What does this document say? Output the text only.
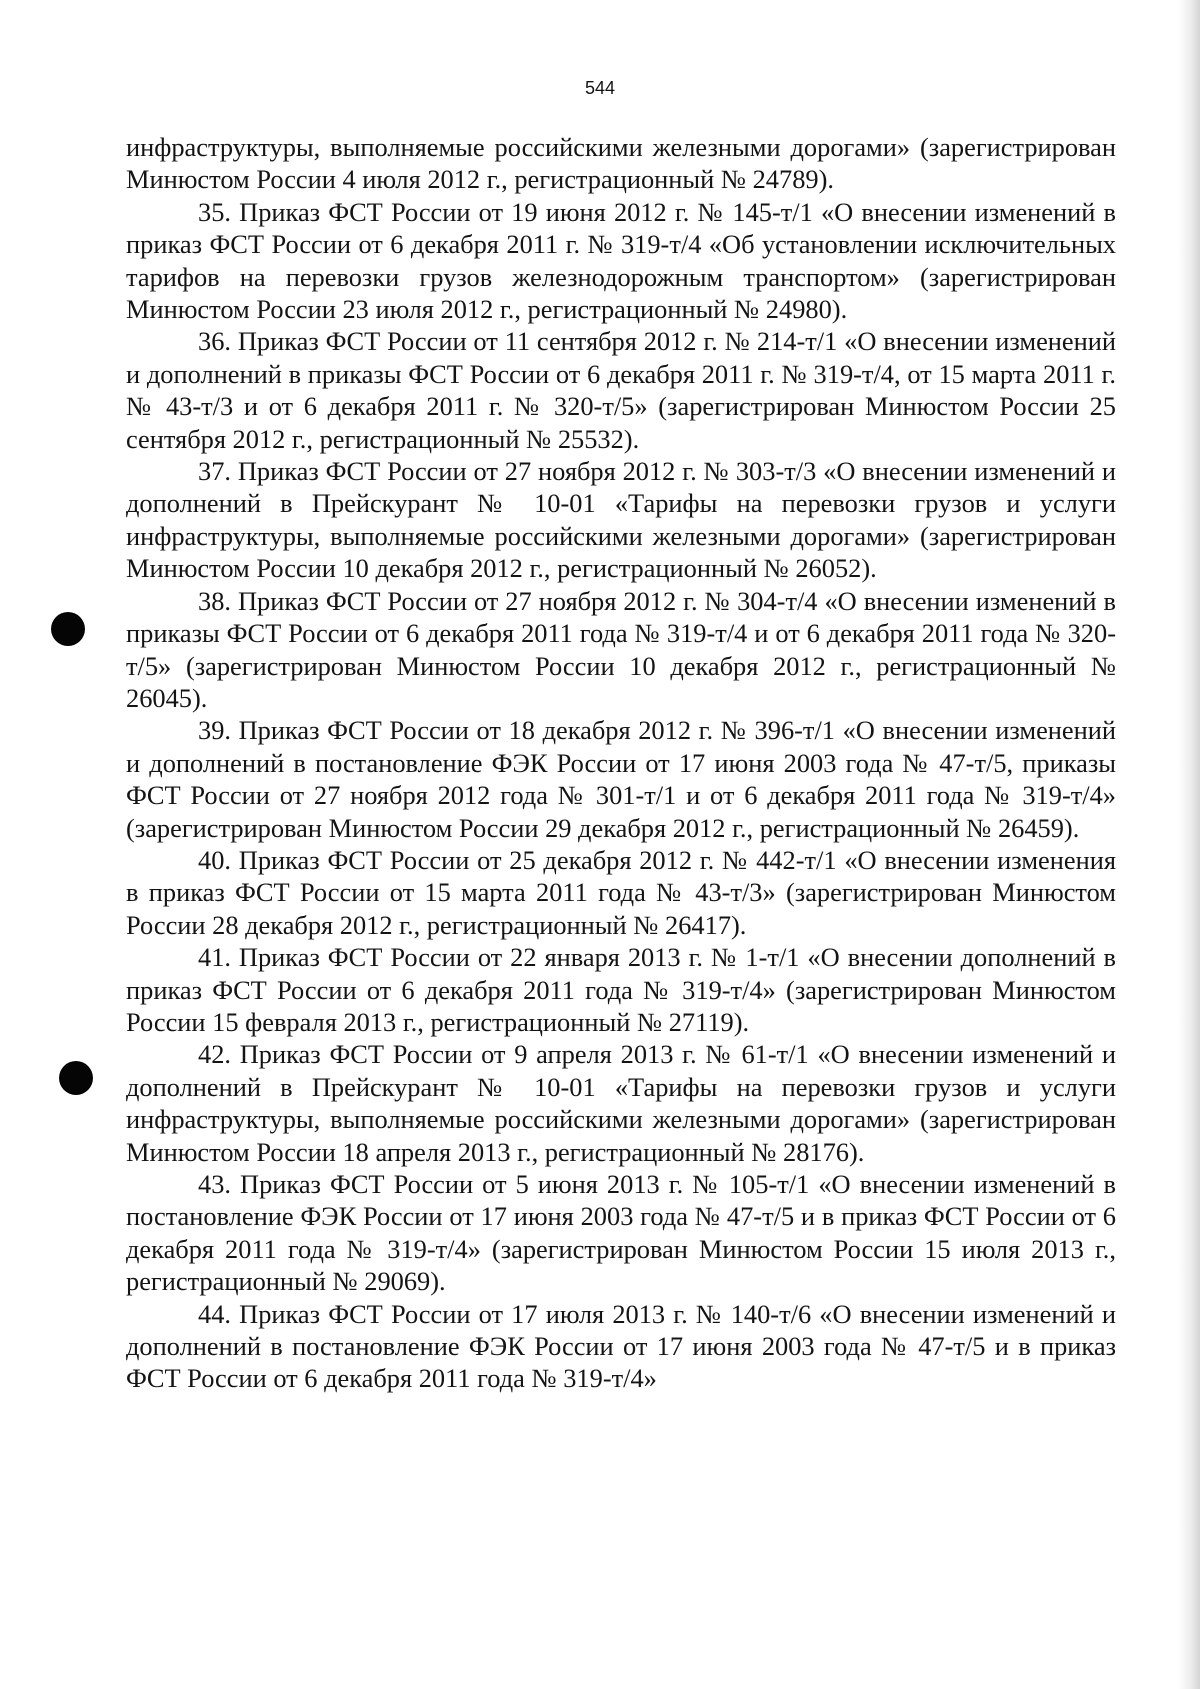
544

инфраструктуры, выполняемые российскими железными дорогами» (зарегистрирован Минюстом России 4 июля 2012 г., регистрационный № 24789).

35. Приказ ФСТ России от 19 июня 2012 г. № 145-т/1 «О внесении изменений в приказ ФСТ России от 6 декабря 2011 г. № 319-т/4 «Об установлении исключительных тарифов на перевозки грузов железнодорожным транспортом» (зарегистрирован Минюстом России 23 июля 2012 г., регистрационный № 24980).

36. Приказ ФСТ России от 11 сентября 2012 г. № 214-т/1 «О внесении изменений и дополнений в приказы ФСТ России от 6 декабря 2011 г. № 319-т/4, от 15 марта 2011 г. № 43-т/3 и от 6 декабря 2011 г. № 320-т/5» (зарегистрирован Минюстом России 25 сентября 2012 г., регистрационный № 25532).

37. Приказ ФСТ России от 27 ноября 2012 г. № 303-т/3 «О внесении изменений и дополнений в Прейскурант № 10-01 «Тарифы на перевозки грузов и услуги инфраструктуры, выполняемые российскими железными дорогами» (зарегистрирован Минюстом России 10 декабря 2012 г., регистрационный № 26052).

38. Приказ ФСТ России от 27 ноября 2012 г. № 304-т/4 «О внесении изменений в приказы ФСТ России от 6 декабря 2011 года № 319-т/4 и от 6 декабря 2011 года № 320-т/5» (зарегистрирован Минюстом России 10 декабря 2012 г., регистрационный № 26045).

39. Приказ ФСТ России от 18 декабря 2012 г. № 396-т/1 «О внесении изменений и дополнений в постановление ФЭК России от 17 июня 2003 года № 47-т/5, приказы ФСТ России от 27 ноября 2012 года № 301-т/1 и от 6 декабря 2011 года № 319-т/4» (зарегистрирован Минюстом России 29 декабря 2012 г., регистрационный № 26459).

40. Приказ ФСТ России от 25 декабря 2012 г. № 442-т/1 «О внесении изменения в приказ ФСТ России от 15 марта 2011 года № 43-т/3» (зарегистрирован Минюстом России 28 декабря 2012 г., регистрационный № 26417).

41. Приказ ФСТ России от 22 января 2013 г. № 1-т/1 «О внесении дополнений в приказ ФСТ России от 6 декабря 2011 года № 319-т/4» (зарегистрирован Минюстом России 15 февраля 2013 г., регистрационный № 27119).

42. Приказ ФСТ России от 9 апреля 2013 г. № 61-т/1 «О внесении изменений и дополнений в Прейскурант № 10-01 «Тарифы на перевозки грузов и услуги инфраструктуры, выполняемые российскими железными дорогами» (зарегистрирован Минюстом России 18 апреля 2013 г., регистрационный № 28176).

43. Приказ ФСТ России от 5 июня 2013 г. № 105-т/1 «О внесении изменений в постановление ФЭК России от 17 июня 2003 года № 47-т/5 и в приказ ФСТ России от 6 декабря 2011 года № 319-т/4» (зарегистрирован Минюстом России 15 июля 2013 г., регистрационный № 29069).

44. Приказ ФСТ России от 17 июля 2013 г. № 140-т/6 «О внесении изменений и дополнений в постановление ФЭК России от 17 июня 2003 года № 47-т/5 и в приказ ФСТ России от 6 декабря 2011 года № 319-т/4»
